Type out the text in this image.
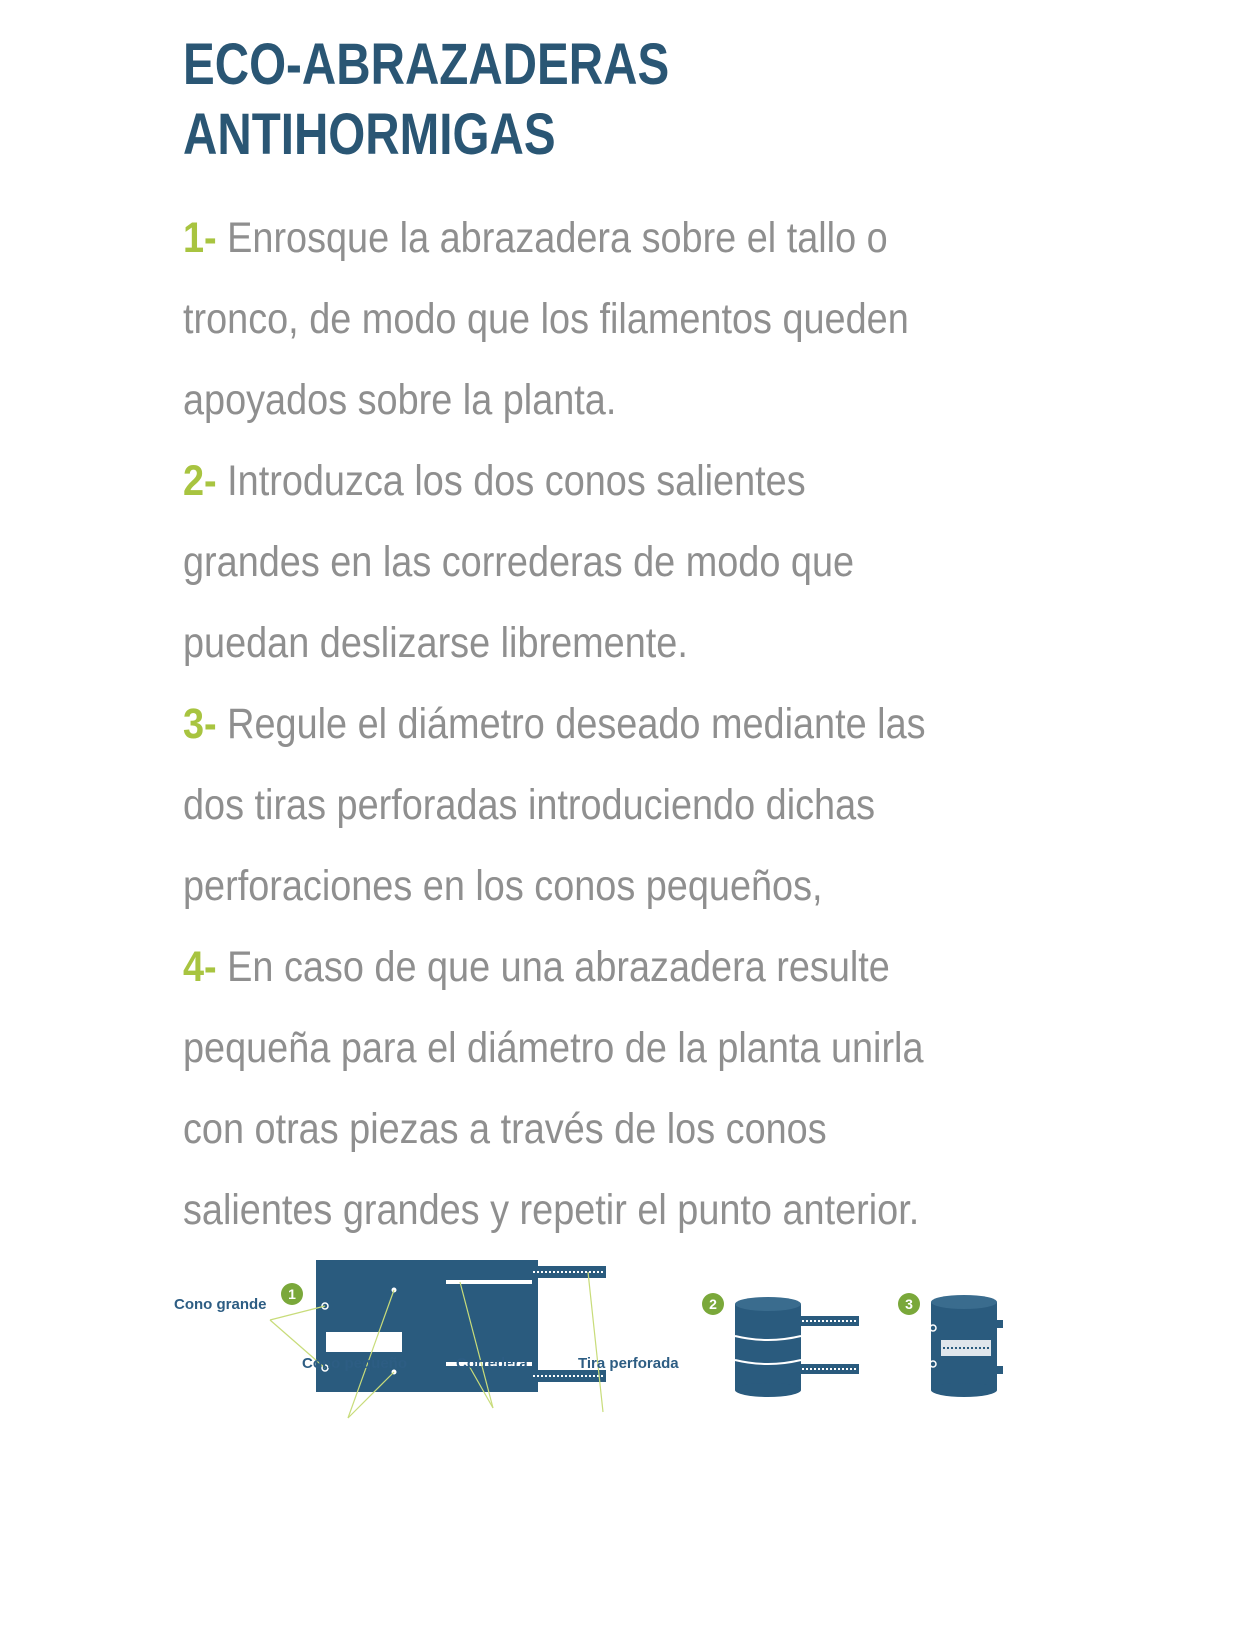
ECO-ABRAZADERAS
ANTIHORMIGAS
1- Enrosque la abrazadera sobre el tallo o
tronco, de modo que los filamentos queden
apoyados sobre la planta.
2- Introduzca los dos conos salientes
grandes en las correderas de modo que
puedan deslizarse libremente.
3- Regule el diámetro deseado mediante las
dos tiras perforadas introduciendo dichas
perforaciones en los conos pequeños,
4- En caso de que una abrazadera resulte
pequeña para el diámetro de la planta unirla
con otras piezas a través de los conos
salientes grandes y repetir el punto anterior.
1
Cono grande
Cono pequeño	Corredera	Tira perforada
2	3
